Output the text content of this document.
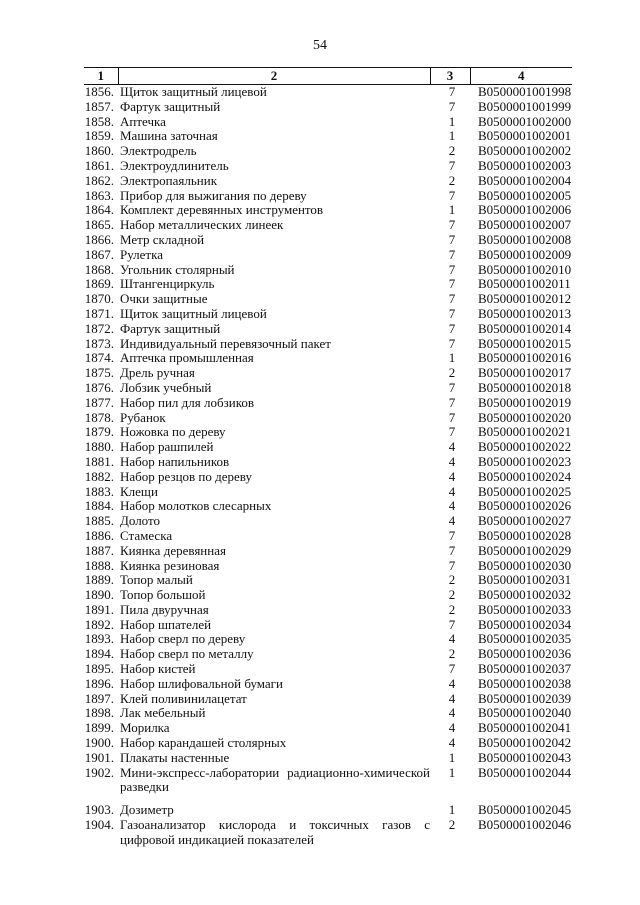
54
1	2	3	4
1856.	Щиток защитный лицевой	7	B0500001001998
1857.	Фартук защитный	7	B0500001001999
1858.	Аптечка	1	B0500001002000
1859.	Машина заточная	1	B0500001002001
1860.	Электродрель	2	B0500001002002
1861.	Электроудлинитель	7	B0500001002003
1862.	Электропаяльник	2	B0500001002004
1863.	Прибор для выжигания по дереву	7	B0500001002005
1864.	Комплект деревянных инструментов	1	B0500001002006
1865.	Набор металлических линеек	7	B0500001002007
1866.	Метр складной	7	B0500001002008
1867.	Рулетка	7	B0500001002009
1868.	Угольник столярный	7	B0500001002010
1869.	Штангенциркуль	7	B0500001002011
1870.	Очки защитные	7	B0500001002012
1871.	Щиток защитный лицевой	7	B0500001002013
1872.	Фартук защитный	7	B0500001002014
1873.	Индивидуальный перевязочный пакет	7	B0500001002015
1874.	Аптечка промышленная	1	B0500001002016
1875.	Дрель ручная	2	B0500001002017
1876.	Лобзик учебный	7	B0500001002018
1877.	Набор пил для лобзиков	7	B0500001002019
1878.	Рубанок	7	B0500001002020
1879.	Ножовка по дереву	7	B0500001002021
1880.	Набор рашпилей	4	B0500001002022
1881.	Набор напильников	4	B0500001002023
1882.	Набор резцов по дереву	4	B0500001002024
1883.	Клещи	4	B0500001002025
1884.	Набор молотков слесарных	4	B0500001002026
1885.	Долото	4	B0500001002027
1886.	Стамеска	7	B0500001002028
1887.	Киянка деревянная	7	B0500001002029
1888.	Киянка резиновая	7	B0500001002030
1889.	Топор малый	2	B0500001002031
1890.	Топор большой	2	B0500001002032
1891.	Пила двуручная	2	B0500001002033
1892.	Набор шпателей	7	B0500001002034
1893.	Набор сверл по дереву	4	B0500001002035
1894.	Набор сверл по металлу	2	B0500001002036
1895.	Набор кистей	7	B0500001002037
1896.	Набор шлифовальной бумаги	4	B0500001002038
1897.	Клей поливинилацетат	4	B0500001002039
1898.	Лак мебельный	4	B0500001002040
1899.	Морилка	4	B0500001002041
1900.	Набор карандашей столярных	4	B0500001002042
1901.	Плакаты настенные	1	B0500001002043
1902.	Мини-экспресс-лаборатории радиационно-химической разведки	1	B0500001002044

1903.	Дозиметр	1	B0500001002045
1904.	Газоанализатор кислорода и токсичных газов с цифровой индикацией показателей	2	B0500001002046
